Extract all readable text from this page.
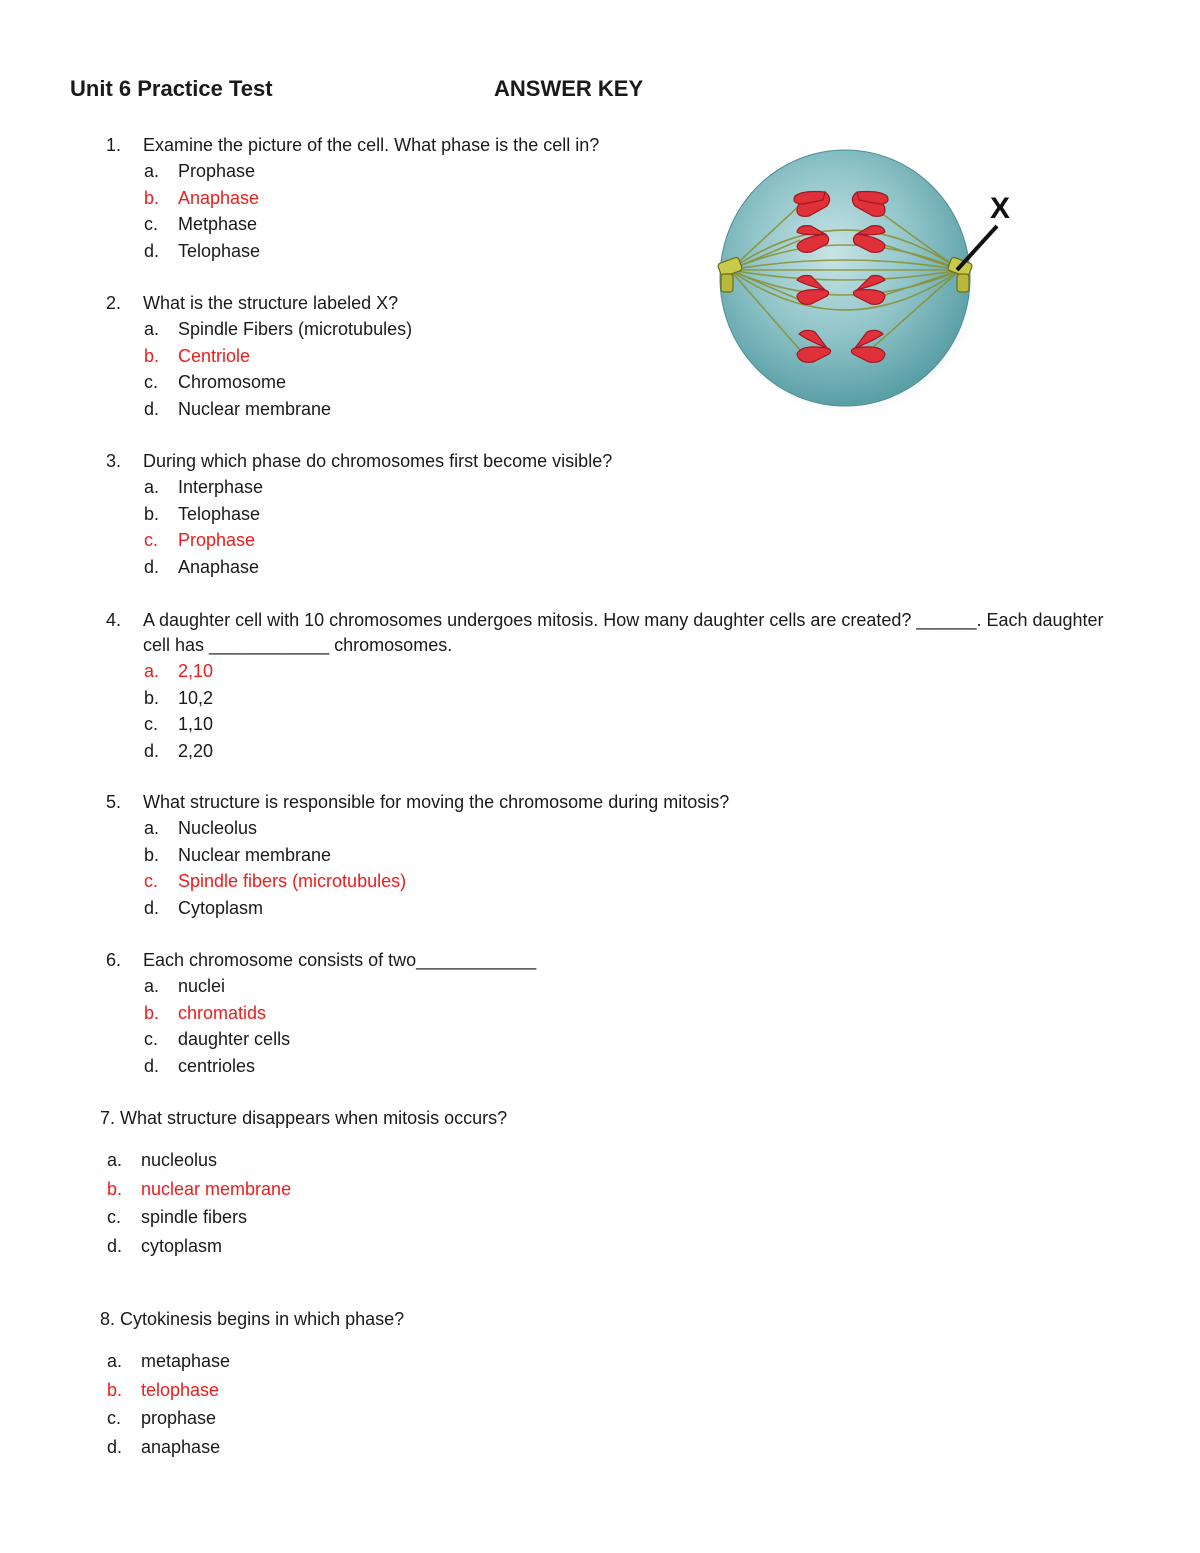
Unit 6 Practice Test	ANSWER KEY
X
1. Examine the picture of the cell. What phase is the cell in?
a. Prophase
b. Anaphase
c. Metphase
d. Telophase
2. What is the structure labeled X?
a. Spindle Fibers (microtubules)
b. Centriole
c. Chromosome
d. Nuclear membrane
3. During which phase do chromosomes first become visible?
a. Interphase
b. Telophase
c. Prophase
d. Anaphase
4. A daughter cell with 10 chromosomes undergoes mitosis. How many daughter cells are created? ______. Each daughter cell has ____________ chromosomes.
a. 2,10
b. 10,2
c. 1,10
d. 2,20
5. What structure is responsible for moving the chromosome during mitosis?
a. Nucleolus
b. Nuclear membrane
c. Spindle fibers (microtubules)
d. Cytoplasm
6. Each chromosome consists of two____________
a. nuclei
b. chromatids
c. daughter cells
d. centrioles
7. What structure disappears when mitosis occurs?
a. nucleolus
b. nuclear membrane
c. spindle fibers
d. cytoplasm
8. Cytokinesis begins in which phase?
a. metaphase
b. telophase
c. prophase
d. anaphase
